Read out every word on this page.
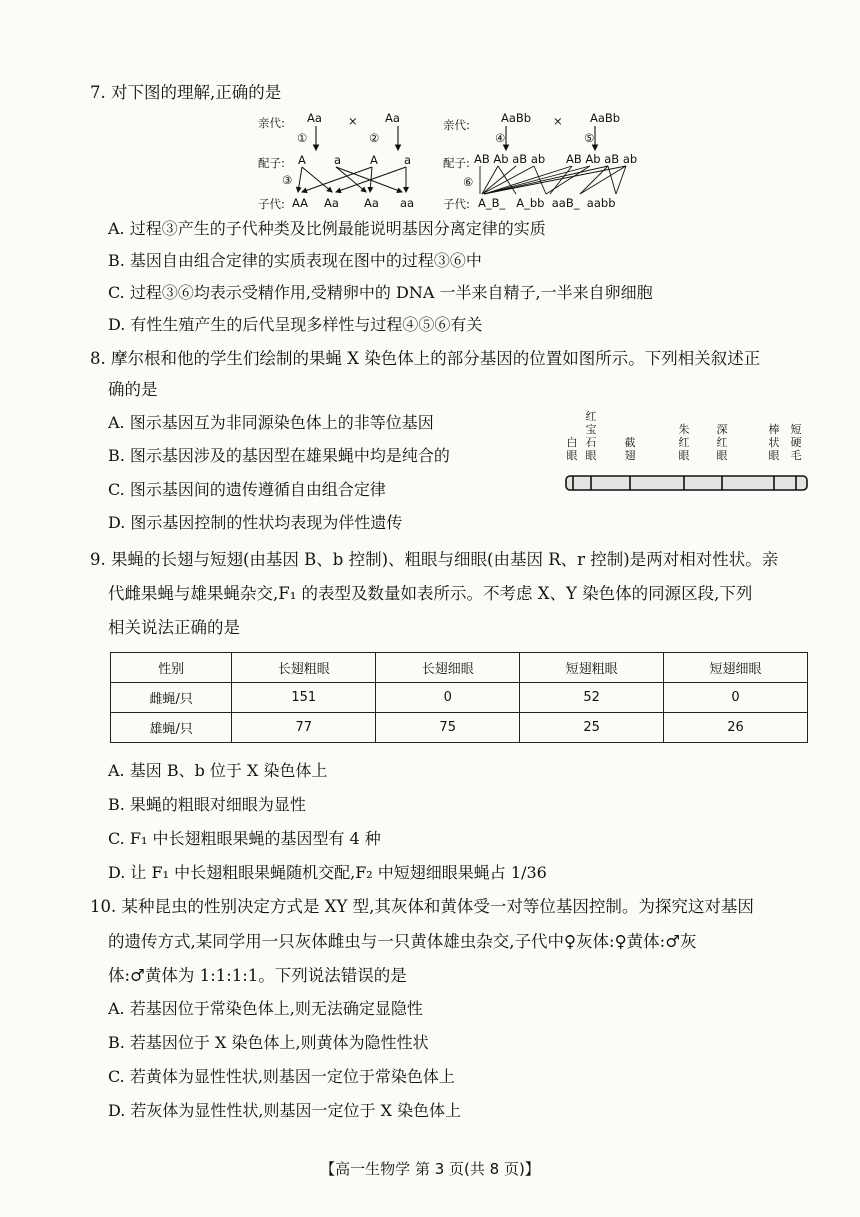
7. 对下图的理解,正确的是
亲代: Aa × Aa
①	②
配子: A a	A a
③
子代: AA Aa Aa aa
亲代:	AaBb × AaBb
④	⑤
配子: AB Ab aB ab AB Ab aB ab
⑥
子代: A_B_   A_bb  aaB_  aabb
A. 过程③产生的子代种类及比例最能说明基因分离定律的实质
B. 基因自由组合定律的实质表现在图中的过程③⑥中
C. 过程③⑥均表示受精作用,受精卵中的 DNA 一半来自精子,一半来自卵细胞
D. 有性生殖产生的后代呈现多样性与过程④⑤⑥有关
8. 摩尔根和他的学生们绘制的果蝇 X 染色体上的部分基因的位置如图所示。下列相关叙述正
确的是
A. 图示基因互为非同源染色体上的非等位基因
B. 图示基因涉及的基因型在雄果蝇中均是纯合的
C. 图示基因间的遗传遵循自由组合定律
D. 图示基因控制的性状均表现为伴性遗传
白眼
红宝石眼
截翅
朱红眼
深红眼
棒状眼
短硬毛
9. 果蝇的长翅与短翅(由基因 B、b 控制)、粗眼与细眼(由基因 R、r 控制)是两对相对性状。亲
代雌果蝇与雄果蝇杂交,F₁ 的表型及数量如表所示。不考虑 X、Y 染色体的同源区段,下列
相关说法正确的是
性别	长翅粗眼	长翅细眼	短翅粗眼	短翅细眼
雌蝇/只	151	0	52	0
雄蝇/只	77	75	25	26
A. 基因 B、b 位于 X 染色体上
B. 果蝇的粗眼对细眼为显性
C. F₁ 中长翅粗眼果蝇的基因型有 4 种
D. 让 F₁ 中长翅粗眼果蝇随机交配,F₂ 中短翅细眼果蝇占 1/36
10. 某种昆虫的性别决定方式是 XY 型,其灰体和黄体受一对等位基因控制。为探究这对基因
的遗传方式,某同学用一只灰体雌虫与一只黄体雄虫杂交,子代中♀灰体:♀黄体:♂灰
体:♂黄体为 1:1:1:1。下列说法错误的是
A. 若基因位于常染色体上,则无法确定显隐性
B. 若基因位于 X 染色体上,则黄体为隐性性状
C. 若黄体为显性性状,则基因一定位于常染色体上
D. 若灰体为显性性状,则基因一定位于 X 染色体上
【高一生物学 第 3 页(共 8 页)】
